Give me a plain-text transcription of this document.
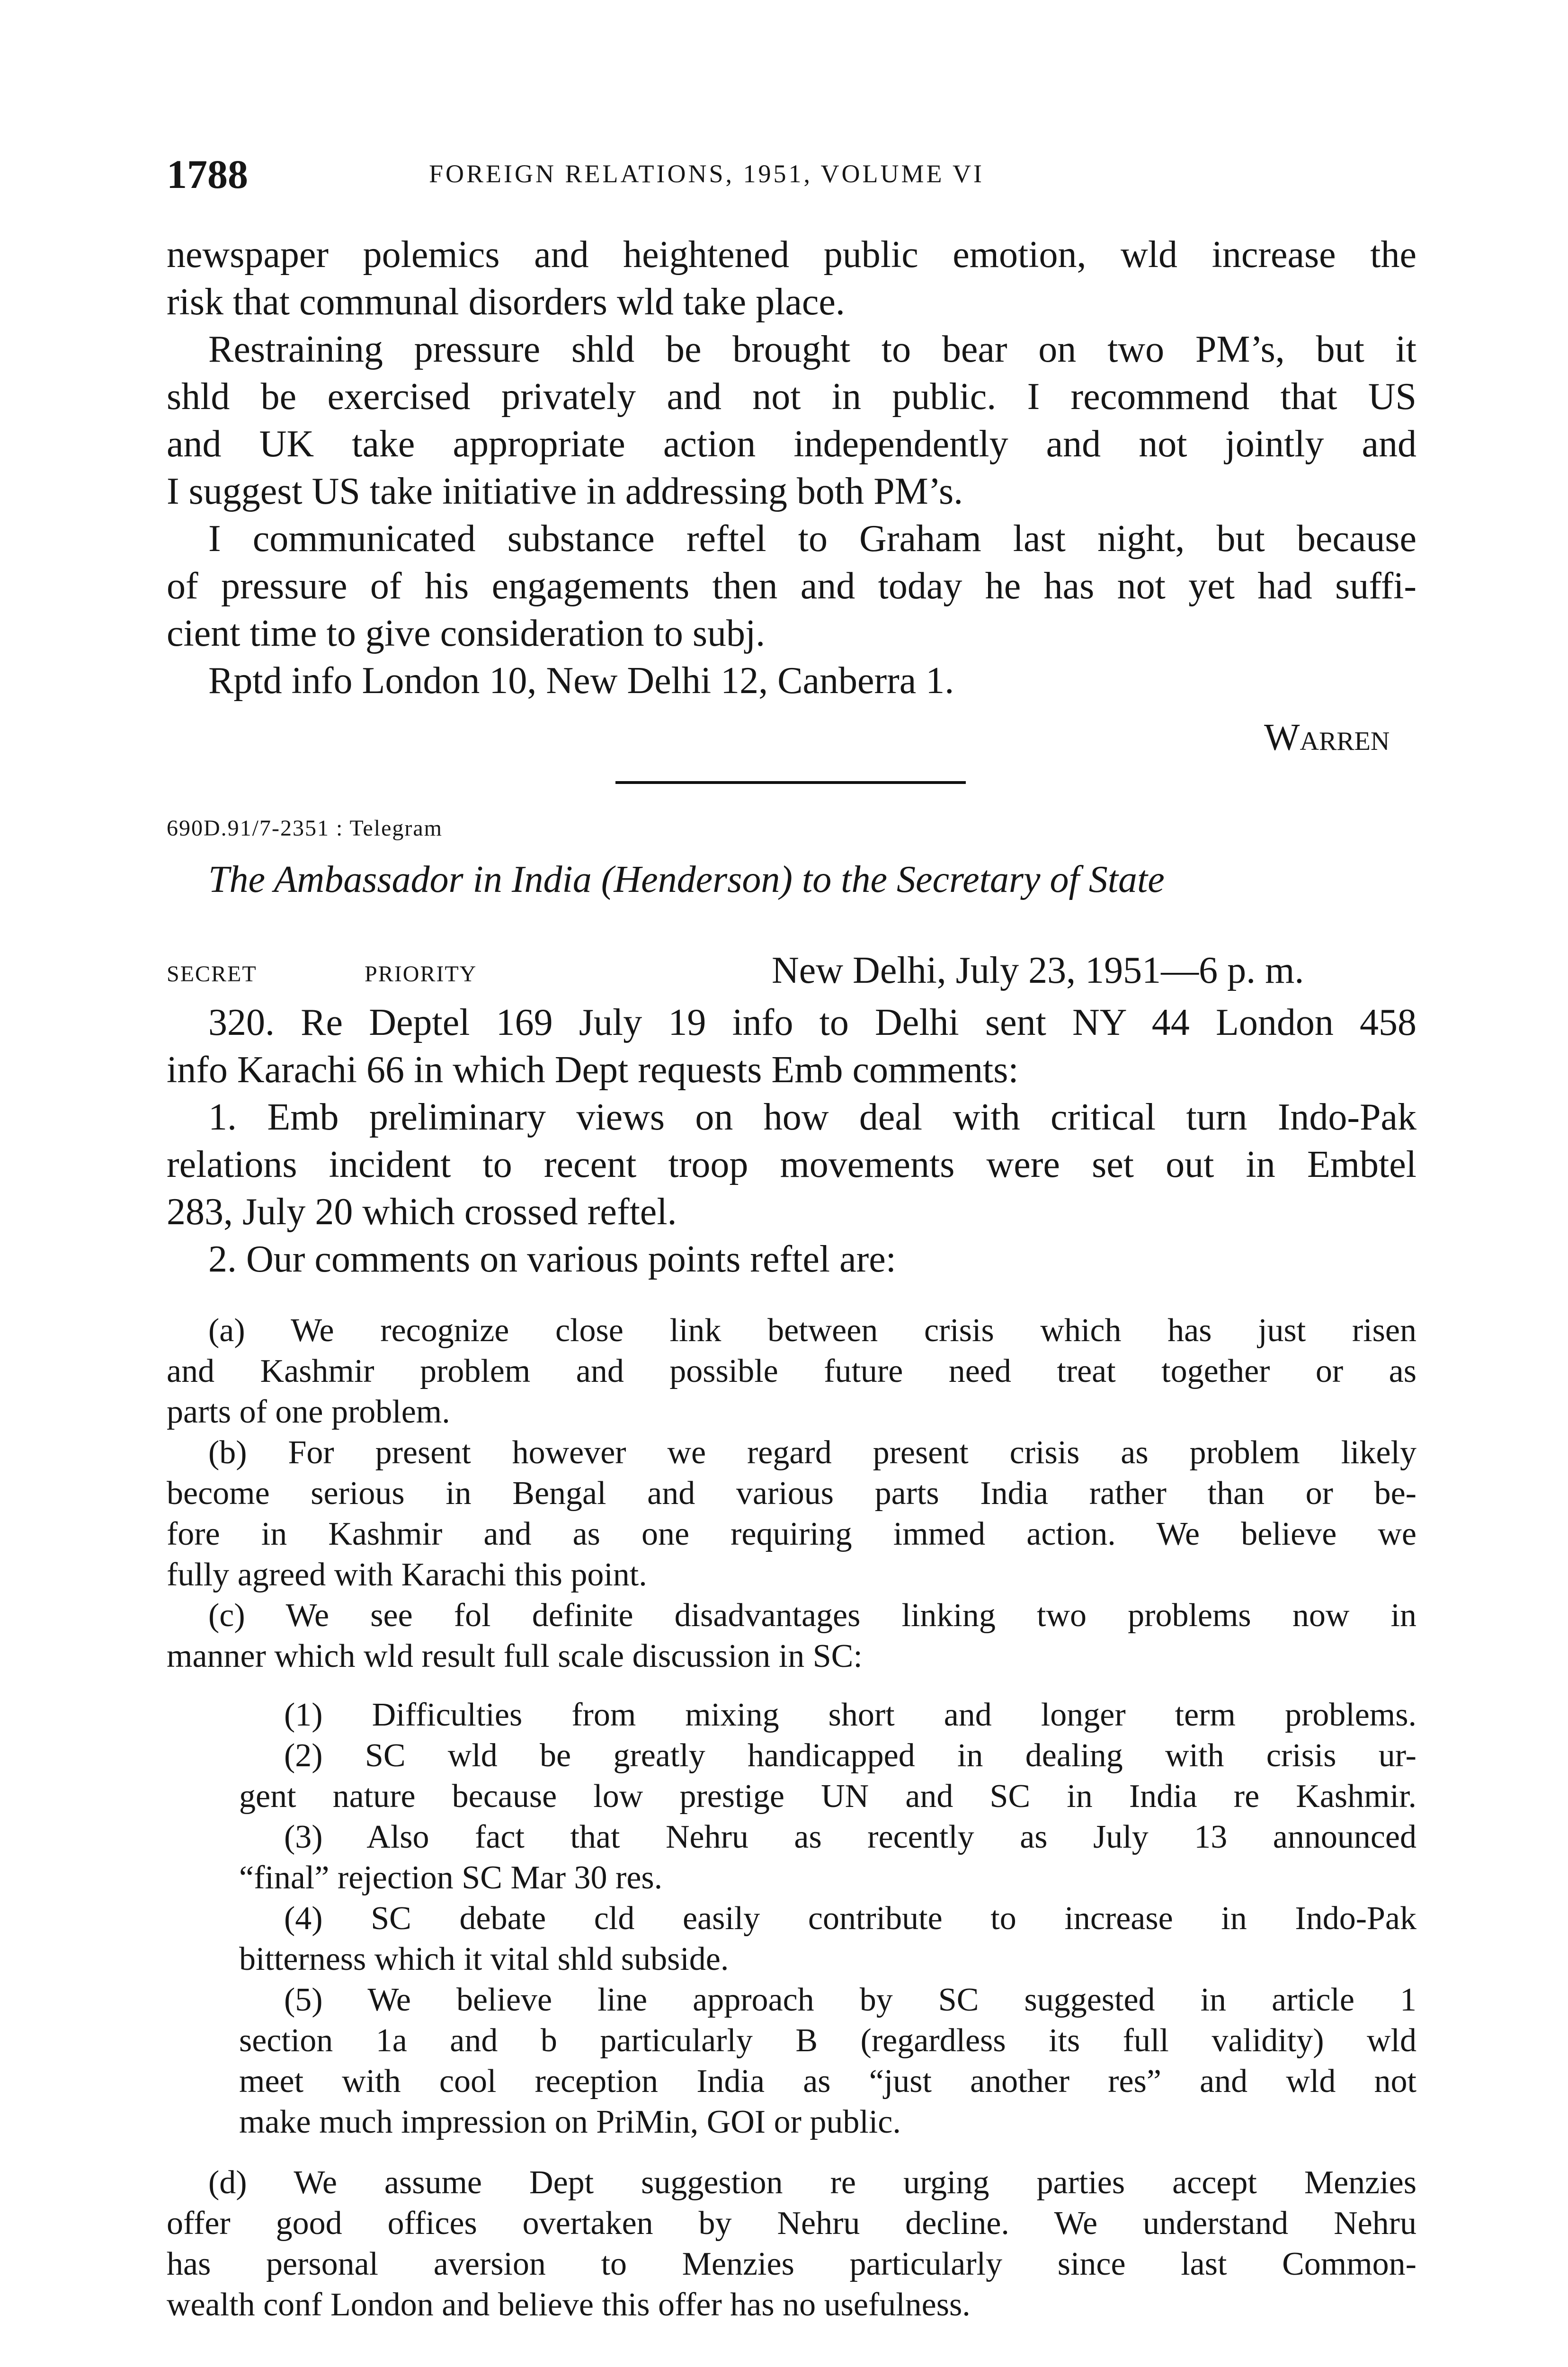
1788	FOREIGN RELATIONS, 1951, VOLUME VI
newspaper polemics and heightened public emotion, wld increase the
risk that communal disorders wld take place.
Restraining pressure shld be brought to bear on two PM’s, but it
shld be exercised privately and not in public. I recommend that US
and UK take appropriate action independently and not jointly and
I suggest US take initiative in addressing both PM’s.
I communicated substance reftel to Graham last night, but because
of pressure of his engagements then and today he has not yet had suffi-
cient time to give consideration to subj.
Rptd info London 10, New Delhi 12, Canberra 1.
Warren
690D.91/7-2351 : Telegram
The Ambassador in India (Henderson) to the Secretary of State
SECRET	PRIORITY	New Delhi, July 23, 1951—6 p. m.
320. Re Deptel 169 July 19 info to Delhi sent NY 44 London 458
info Karachi 66 in which Dept requests Emb comments:
1. Emb preliminary views on how deal with critical turn Indo-Pak
relations incident to recent troop movements were set out in Embtel
283, July 20 which crossed reftel.
2. Our comments on various points reftel are:
(a) We recognize close link between crisis which has just risen
and Kashmir problem and possible future need treat together or as
parts of one problem.
(b) For present however we regard present crisis as problem likely
become serious in Bengal and various parts India rather than or be-
fore in Kashmir and as one requiring immed action. We believe we
fully agreed with Karachi this point.
(c) We see fol definite disadvantages linking two problems now in
manner which wld result full scale discussion in SC:
(1) Difficulties from mixing short and longer term problems.
(2) SC wld be greatly handicapped in dealing with crisis ur-
gent nature because low prestige UN and SC in India re Kashmir.
(3) Also fact that Nehru as recently as July 13 announced
“final” rejection SC Mar 30 res.
(4) SC debate cld easily contribute to increase in Indo-Pak
bitterness which it vital shld subside.
(5) We believe line approach by SC suggested in article 1
section 1a and b particularly B (regardless its full validity) wld
meet with cool reception India as “just another res” and wld not
make much impression on PriMin, GOI or public.
(d) We assume Dept suggestion re urging parties accept Menzies
offer good offices overtaken by Nehru decline. We understand Nehru
has personal aversion to Menzies particularly since last Common-
wealth conf London and believe this offer has no usefulness.
